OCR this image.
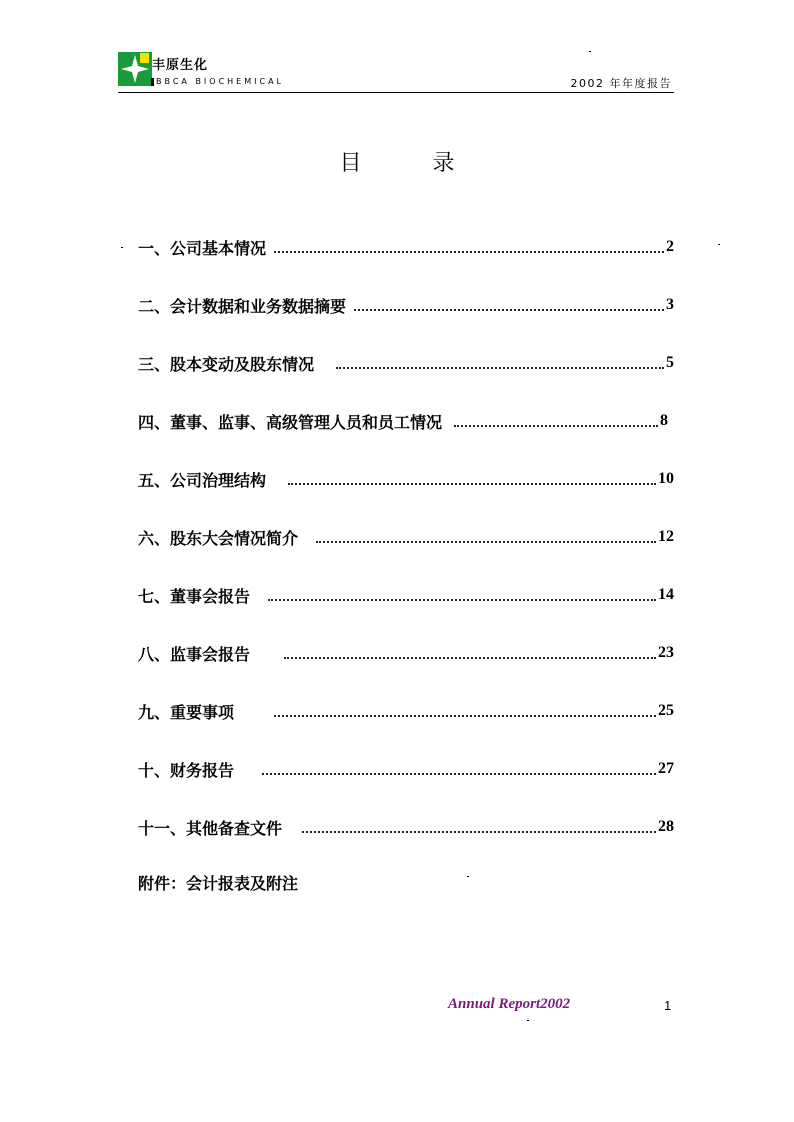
丰原生化
BBCA BIOCHEMICAL	2002 年年度报告
目 录
一、公司基本情况	2
二、会计数据和业务数据摘要	3
三、股本变动及股东情况	5
四、董事、监事、高级管理人员和员工情况	8
五、公司治理结构	10
六、股东大会情况简介	12
七、董事会报告	14
八、监事会报告	23
九、重要事项	25
十、财务报告	27
十一、其他备查文件	28
附件：会计报表及附注
Annual Report2002	1
